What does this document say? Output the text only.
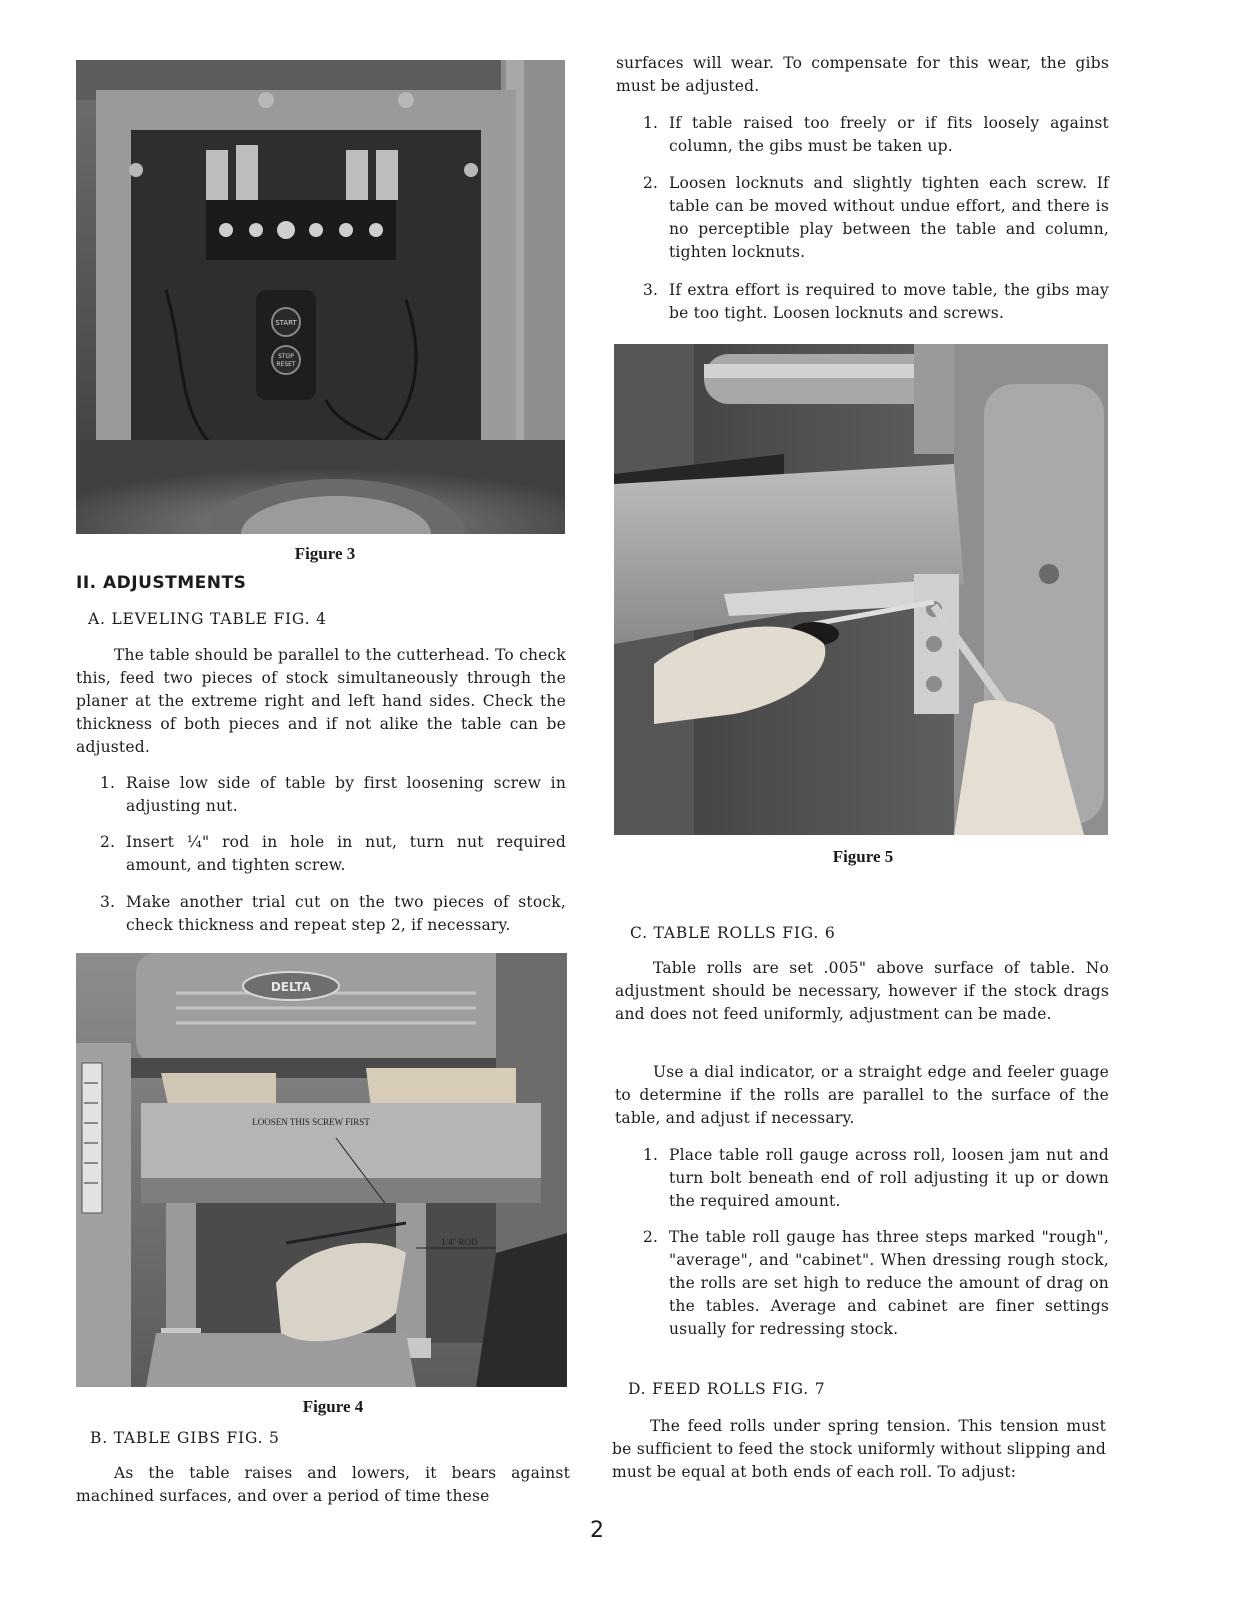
START
STOP
RESET
Figure 3
II. ADJUSTMENTS
A. LEVELING TABLE FIG. 4

The table should be parallel to the cutterhead. To check this, feed two pieces of stock simultaneously through the planer at the extreme right and left hand sides. Check the thickness of both pieces and if not alike the table can be adjusted.

1. Raise low side of table by first loosening screw in adjusting nut.
2. Insert ¼" rod in hole in nut, turn nut required amount, and tighten screw.
3. Make another trial cut on the two pieces of stock, check thickness and repeat step 2, if necessary.
DELTA
LOOSEN THIS SCREW FIRST
1/4" ROD
Figure 4
B. TABLE GIBS FIG. 5

As the table raises and lowers, it bears against machined surfaces, and over a period of time these

surfaces will wear. To compensate for this wear, the gibs must be adjusted.

1. If table raised too freely or if fits loosely against column, the gibs must be taken up.
2. Loosen locknuts and slightly tighten each screw. If table can be moved without undue effort, and there is no perceptible play between the table and column, tighten locknuts.
3. If extra effort is required to move table, the gibs may be too tight. Loosen locknuts and screws.
Figure 5
C. TABLE ROLLS FIG. 6

Table rolls are set .005" above surface of table. No adjustment should be necessary, however if the stock drags and does not feed uniformly, adjustment can be made.

Use a dial indicator, or a straight edge and feeler guage to determine if the rolls are parallel to the surface of the table, and adjust if necessary.

1. Place table roll gauge across roll, loosen jam nut and turn bolt beneath end of roll adjusting it up or down the required amount.
2. The table roll gauge has three steps marked "rough", "average", and "cabinet". When dressing rough stock, the rolls are set high to reduce the amount of drag on the tables. Average and cabinet are finer settings usually for redressing stock.
D. FEED ROLLS FIG. 7

The feed rolls under spring tension. This tension must be sufficient to feed the stock uniformly without slipping and must be equal at both ends of each roll. To adjust:

2
